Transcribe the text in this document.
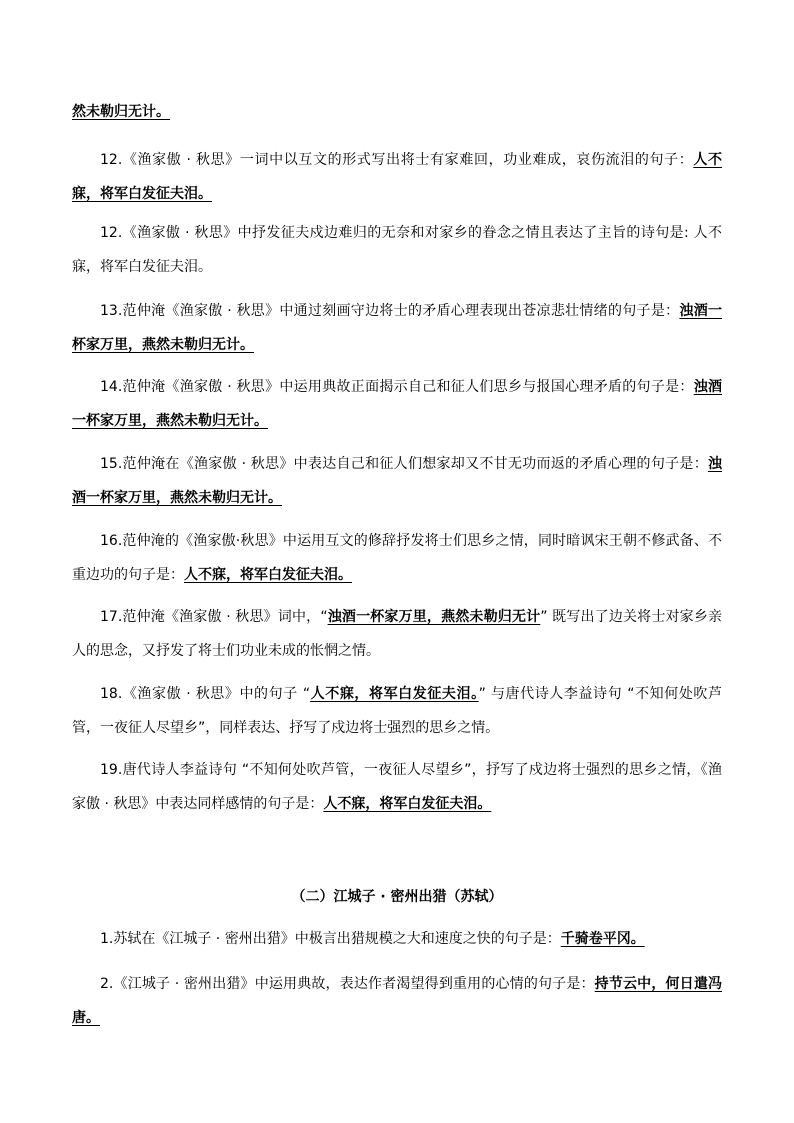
然未勒归无计。

12.《渔家傲 · 秋思》一词中以互文的形式写出将士有家难回，功业难成，哀伤流泪的句子：人不寐，将军白发征夫泪。

12.《渔家傲 · 秋思》中抒发征夫戍边难归的无奈和对家乡的眷念之情且表达了主旨的诗句是: 人不寐，将军白发征夫泪。

13.范仲淹《渔家傲 · 秋思》中通过刻画守边将士的矛盾心理表现出苍凉悲壮情绪的句子是：浊酒一杯家万里，燕然未勒归无计。

14.范仲淹《渔家傲 · 秋思》中运用典故正面揭示自己和征人们思乡与报国心理矛盾的句子是：浊酒一杯家万里，燕然未勒归无计。

15.范仲淹在《渔家傲 · 秋思》中表达自己和征人们想家却又不甘无功而返的矛盾心理的句子是：浊酒一杯家万里，燕然未勒归无计。

16.范仲淹的《渔家傲·秋思》中运用互文的修辞抒发将士们思乡之情，同时暗讽宋王朝不修武备、不重边功的句子是：人不寐，将军白发征夫泪。

17.范仲淹《渔家傲 · 秋思》词中，“浊酒一杯家万里，燕然未勒归无计” 既写出了边关将士对家乡亲人的思念，又抒发了将士们功业未成的怅惘之情。

18.《渔家傲 · 秋思》中的句子 “人不寐，将军白发征夫泪。” 与唐代诗人李益诗句 “不知何处吹芦管，一夜征人尽望乡”，同样表达、抒写了戍边将士强烈的思乡之情。

19.唐代诗人李益诗句 “不知何处吹芦管，一夜征人尽望乡”，抒写了戍边将士强烈的思乡之情，《渔家傲 · 秋思》中表达同样感情的句子是：人不寐，将军白发征夫泪。

（二）江城子 · 密州出猎（苏轼）

1.苏轼在《江城子 · 密州出猎》中极言出猎规模之大和速度之快的句子是：千骑卷平冈。

2.《江城子 · 密州出猎》中运用典故，表达作者渴望得到重用的心情的句子是：持节云中，何日遣冯唐。
